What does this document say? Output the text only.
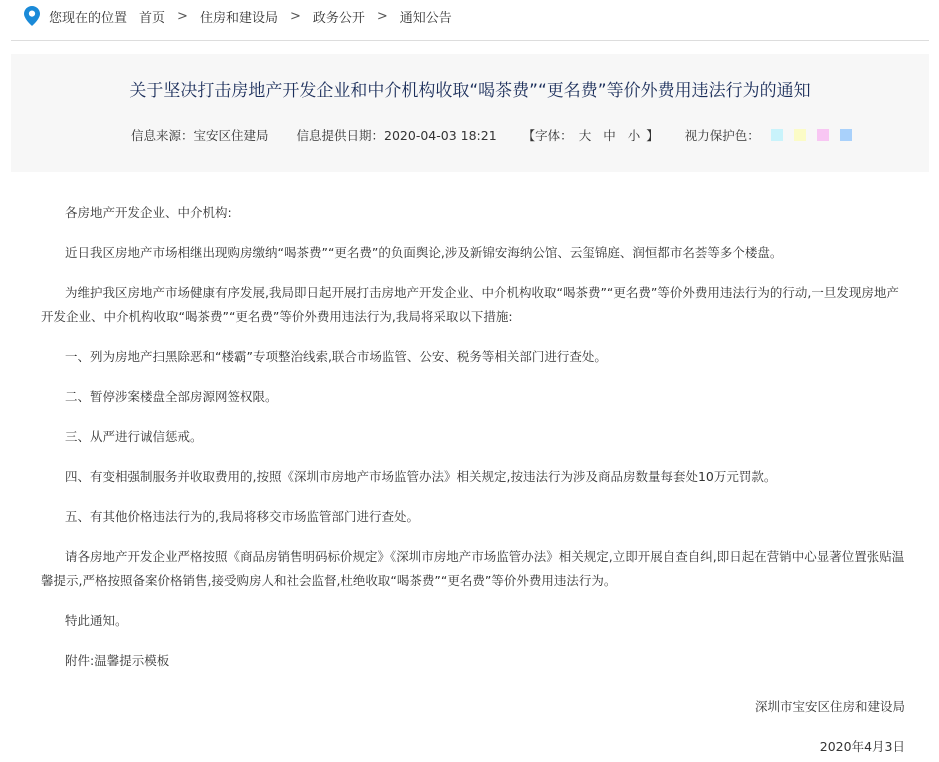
您现在的位置 首页 > 住房和建设局 > 政务公开 > 通知公告
关于坚决打击房地产开发企业和中介机构收取“喝茶费”“更名费”等价外费用违法行为的通知
信息来源：宝安区住建局 信息提供日期：2020-04-03 18:21 【字体： 大 中 小 】 视力保护色：

各房地产开发企业、中介机构:

近日我区房地产市场相继出现购房缴纳“喝茶费”“更名费”的负面舆论,涉及新锦安海纳公馆、云玺锦庭、润恒都市名荟等多个楼盘。

为维护我区房地产市场健康有序发展,我局即日起开展打击房地产开发企业、中介机构收取“喝茶费”“更名费”等价外费用违法行为的行动,一旦发现房地产开发企业、中介机构收取“喝茶费”“更名费”等价外费用违法行为,我局将采取以下措施:

一、列为房地产扫黑除恶和“楼霸”专项整治线索,联合市场监管、公安、税务等相关部门进行查处。

二、暂停涉案楼盘全部房源网签权限。

三、从严进行诚信惩戒。

四、有变相强制服务并收取费用的,按照《深圳市房地产市场监管办法》相关规定,按违法行为涉及商品房数量每套处10万元罚款。

五、有其他价格违法行为的,我局将移交市场监管部门进行查处。

请各房地产开发企业严格按照《商品房销售明码标价规定》《深圳市房地产市场监管办法》相关规定,立即开展自查自纠,即日起在营销中心显著位置张贴温馨提示,严格按照备案价格销售,接受购房人和社会监督,杜绝收取“喝茶费”“更名费”等价外费用违法行为。

特此通知。

附件:温馨提示模板

深圳市宝安区住房和建设局
2020年4月3日
